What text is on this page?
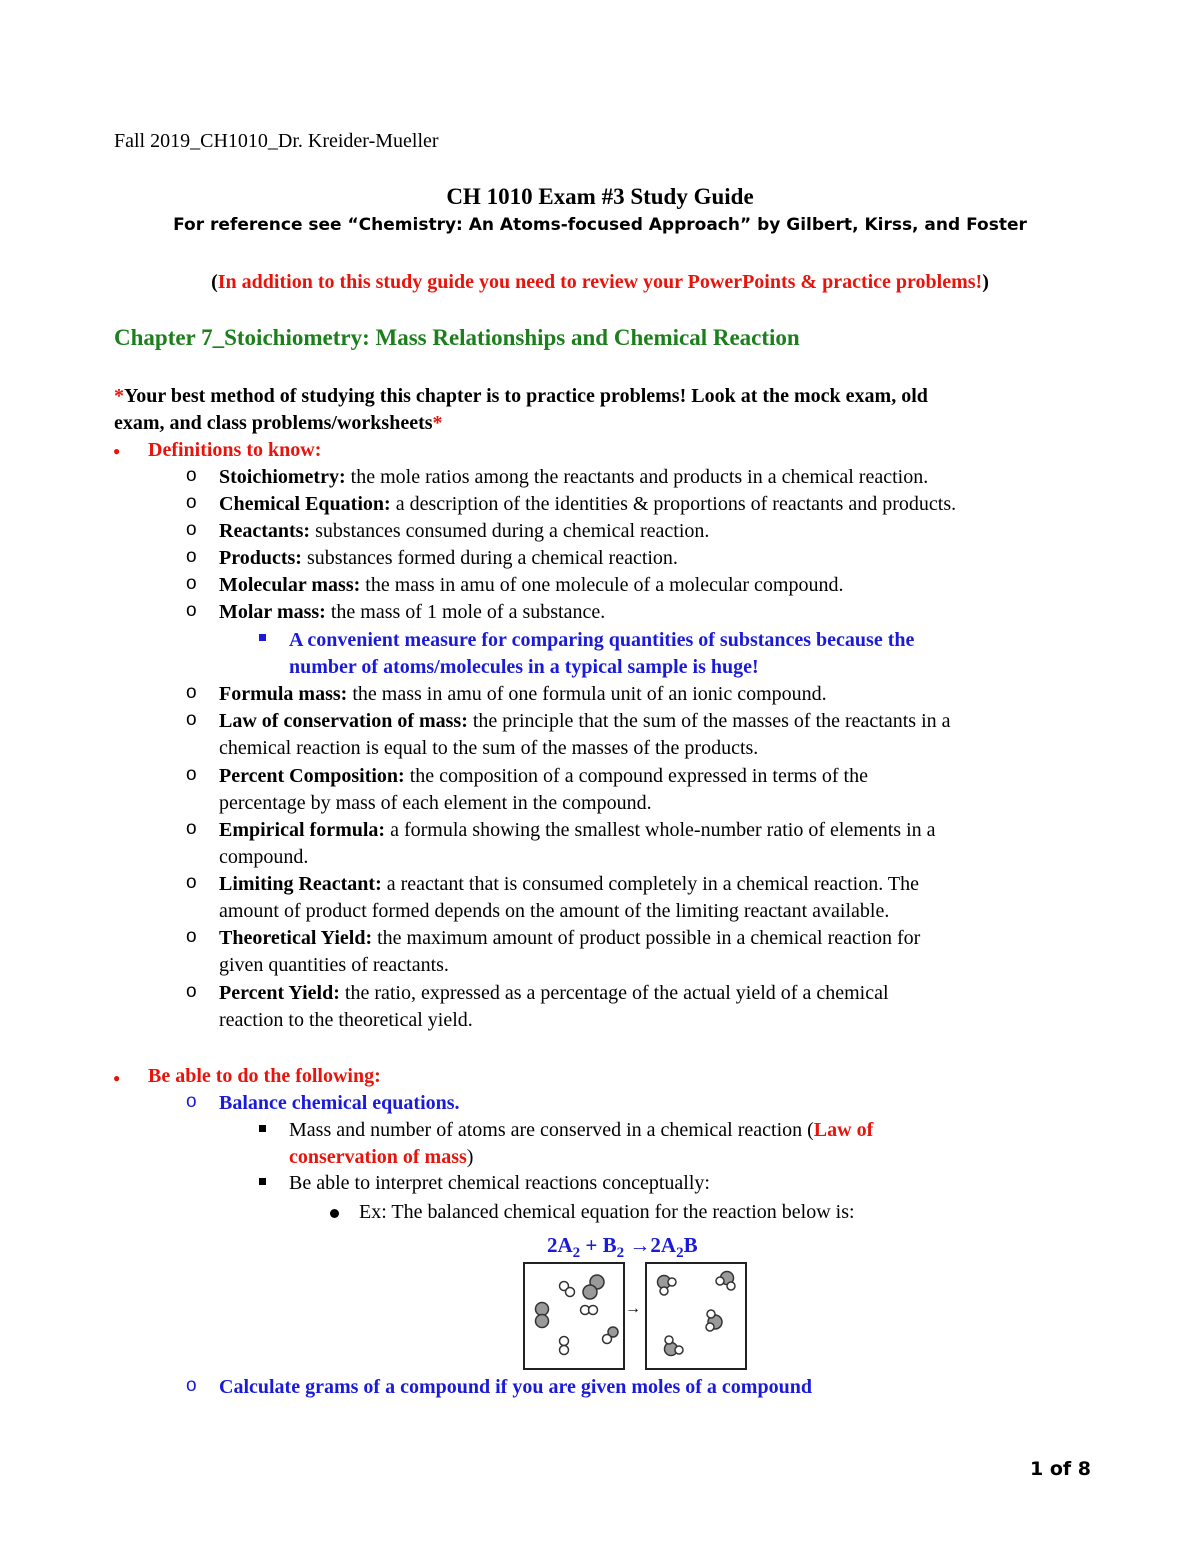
Fall 2019_CH1010_Dr. Kreider-Mueller

CH 1010 Exam #3 Study Guide

For reference see “Chemistry: An Atoms-focused Approach” by Gilbert, Kirss, and Foster

(In addition to this study guide you need to review your PowerPoints & practice problems!)

Chapter 7_Stoichiometry: Mass Relationships and Chemical Reaction

*Your best method of studying this chapter is to practice problems! Look at the mock exam, old

exam, and class problems/worksheets*

● Definitions to know:

o Stoichiometry: the mole ratios among the reactants and products in a chemical reaction.

o Chemical Equation: a description of the identities & proportions of reactants and products.

o Reactants: substances consumed during a chemical reaction.

o Products: substances formed during a chemical reaction.

o Molecular mass: the mass in amu of one molecule of a molecular compound.

o Molar mass: the mass of 1 mole of a substance.

A convenient measure for comparing quantities of substances because the

number of atoms/molecules in a typical sample is huge!

o Formula mass: the mass in amu of one formula unit of an ionic compound.

o Law of conservation of mass: the principle that the sum of the masses of the reactants in a

chemical reaction is equal to the sum of the masses of the products.

o Percent Composition: the composition of a compound expressed in terms of the

percentage by mass of each element in the compound.

o Empirical formula: a formula showing the smallest whole-number ratio of elements in a

compound.

o Limiting Reactant: a reactant that is consumed completely in a chemical reaction. The

amount of product formed depends on the amount of the limiting reactant available.

o Theoretical Yield: the maximum amount of product possible in a chemical reaction for

given quantities of reactants.

o Percent Yield: the ratio, expressed as a percentage of the actual yield of a chemical

reaction to the theoretical yield.

● Be able to do the following:

o Balance chemical equations.

Mass and number of atoms are conserved in a chemical reaction (Law of

conservation of mass)

Be able to interpret chemical reactions conceptually:

Ex: The balanced chemical equation for the reaction below is:

$2A_2 + B_2 \to 2A_2B$

→
o Calculate grams of a compound if you are given moles of a compound

1 of 8
